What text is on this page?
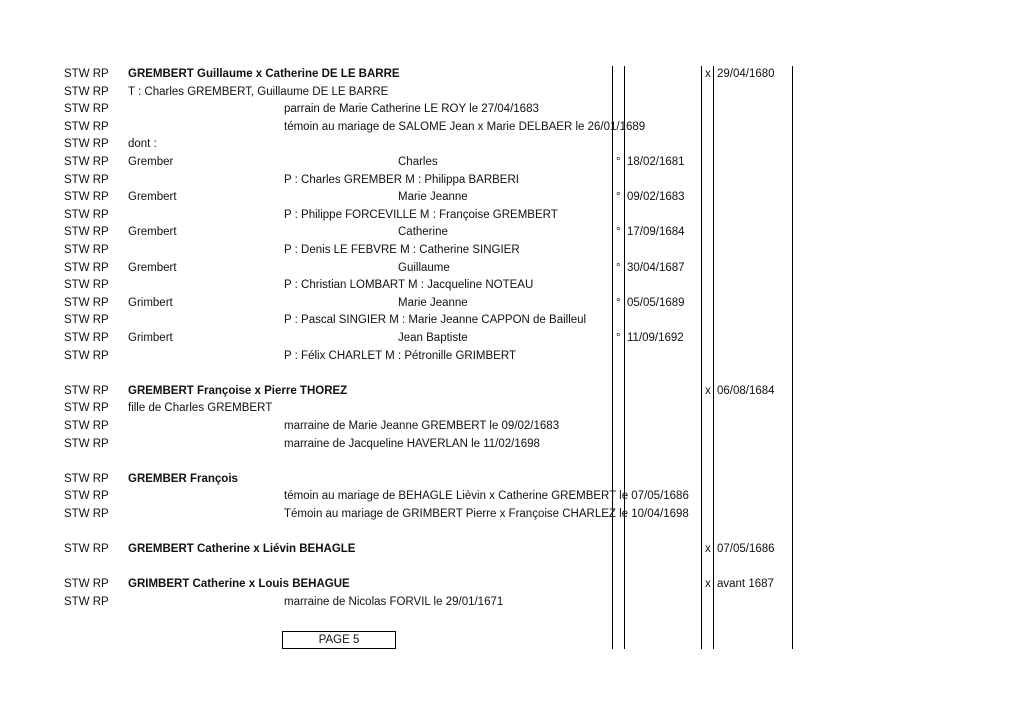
STW RP GREMBERT Guillaume x Catherine DE LE BARRE	x 29/04/1680
STW RP T : Charles GREMBERT, Guillaume DE LE BARRE
STW RP	parrain de Marie Catherine LE ROY le 27/04/1683
STW RP	témoin au mariage de SALOME Jean x Marie DELBAER le 26/01/1689
STW RP dont :
STW RP Grember	Charles	° 18/02/1681
STW RP	P : Charles GREMBER M : Philippa BARBERI
STW RP Grembert	Marie Jeanne	° 09/02/1683
STW RP	P : Philippe FORCEVILLE M : Françoise GREMBERT
STW RP Grembert	Catherine	° 17/09/1684
STW RP	P : Denis LE FEBVRE M : Catherine SINGIER
STW RP Grembert	Guillaume	° 30/04/1687
STW RP	P : Christian LOMBART M : Jacqueline NOTEAU
STW RP Grimbert	Marie Jeanne	° 05/05/1689
STW RP	P : Pascal SINGIER M : Marie Jeanne CAPPON de Bailleul
STW RP Grimbert	Jean Baptiste	° 11/09/1692
STW RP	P : Félix CHARLET M : Pétronille GRIMBERT
STW RP GREMBERT Françoise x Pierre THOREZ	x 06/08/1684
STW RP fille de Charles GREMBERT
STW RP	marraine de Marie Jeanne GREMBERT le 09/02/1683
STW RP	marraine de Jacqueline HAVERLAN le 11/02/1698
STW RP GREMBER François
STW RP	témoin au mariage de BEHAGLE Lièvin x Catherine GREMBERT le 07/05/1686
STW RP	Témoin au mariage de GRIMBERT Pierre x Françoise CHARLEZ le 10/04/1698
STW RP GREMBERT Catherine x Liévin BEHAGLE	x 07/05/1686
STW RP GRIMBERT Catherine x Louis BEHAGUE	x avant 1687
STW RP	marraine de Nicolas FORVIL le 29/01/1671
PAGE 5
